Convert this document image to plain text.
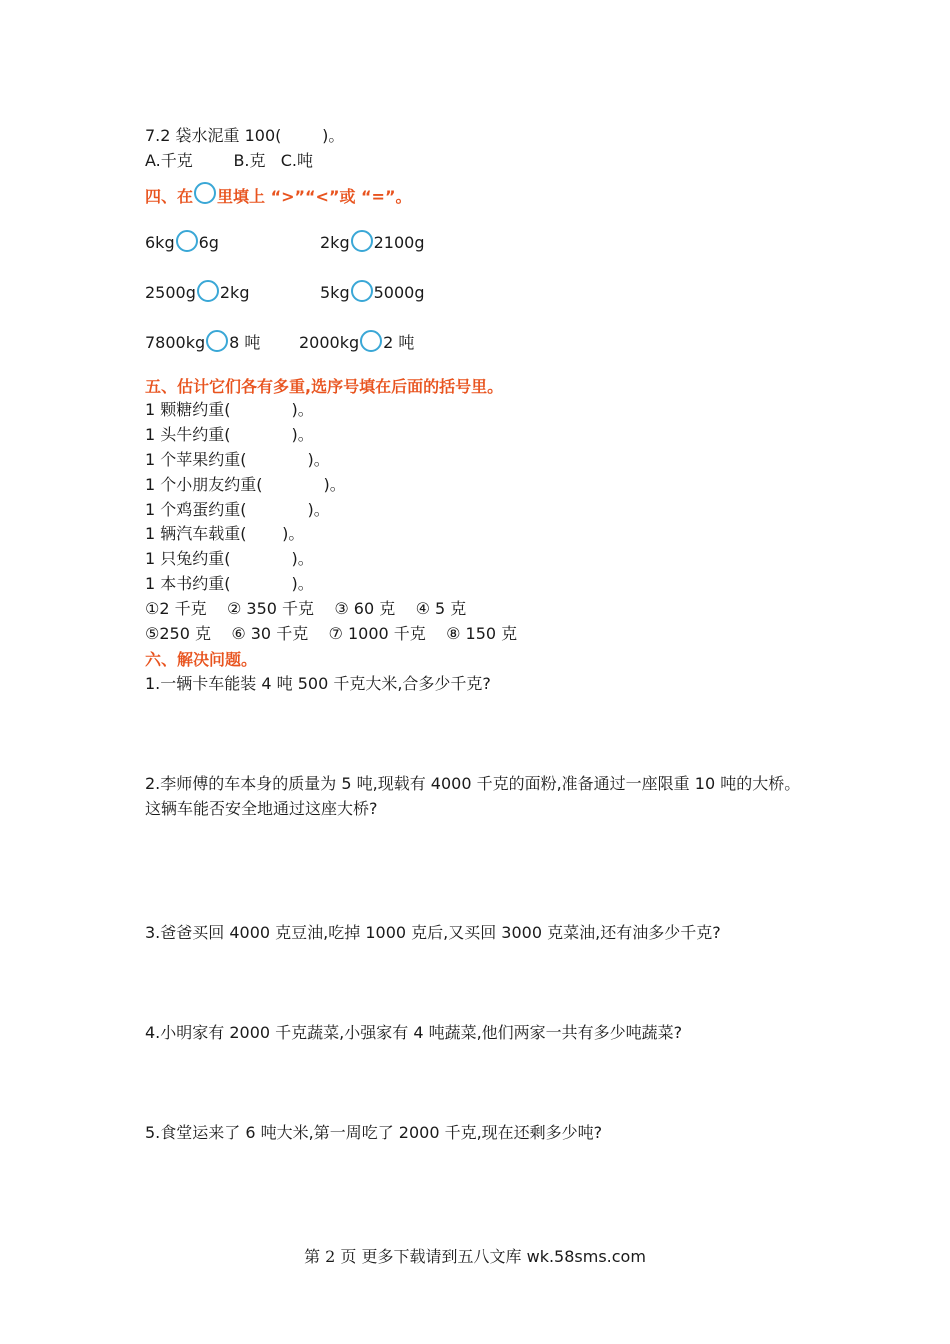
7.2 袋水泥重 100(        )。
A.千克        B.克   C.吨
四、在 里填上 “>”“<”或 “=”。
6kg 6g	2kg 2100g
2500g 2kg	5kg 5000g
7800kg 8 吨 2000kg 2 吨
五、估计它们各有多重,选序号填在后面的括号里。
1 颗糖约重(            )。
1 头牛约重(            )。
1 个苹果约重(            )。
1 个小朋友约重(            )。
1 个鸡蛋约重(            )。
1 辆汽车载重(       )。
1 只兔约重(            )。
1 本书约重(            )。
①2 千克    ② 350 千克    ③ 60 克    ④ 5 克
⑤250 克    ⑥ 30 千克    ⑦ 1000 千克    ⑧ 150 克
六、解决问题。
1.一辆卡车能装 4 吨 500 千克大米,合多少千克?
2.李师傅的车本身的质量为 5 吨,现载有 4000 千克的面粉,准备通过一座限重 10 吨的大桥。
这辆车能否安全地通过这座大桥?
3.爸爸买回 4000 克豆油,吃掉 1000 克后,又买回 3000 克菜油,还有油多少千克?
4.小明家有 2000 千克蔬菜,小强家有 4 吨蔬菜,他们两家一共有多少吨蔬菜?
5.食堂运来了 6 吨大米,第一周吃了 2000 千克,现在还剩多少吨?
第 2 页 更多下载请到五八文库 wk.58sms.com
